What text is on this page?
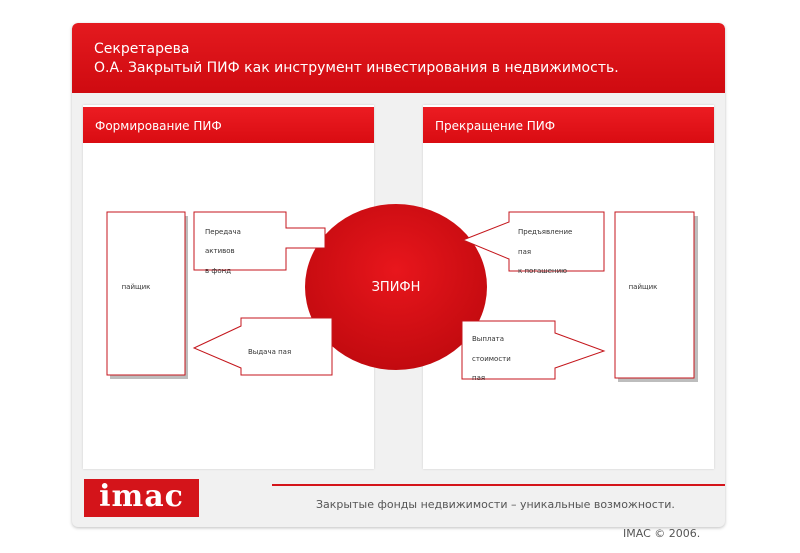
Секретарева
О.А. Закрытый ПИФ как инструмент инвестирования в недвижимость.
Формирование ПИФ	Прекращение ПИФ
ЗПИФН
пайщик	пайщик
Передача
активов
в фонд
Выдача пая
Предъявление
пая
к погашению
Выплата
стоимости
пая
imac	Закрытые фонды недвижимости – уникальные возможности.
IMAC © 2006.
